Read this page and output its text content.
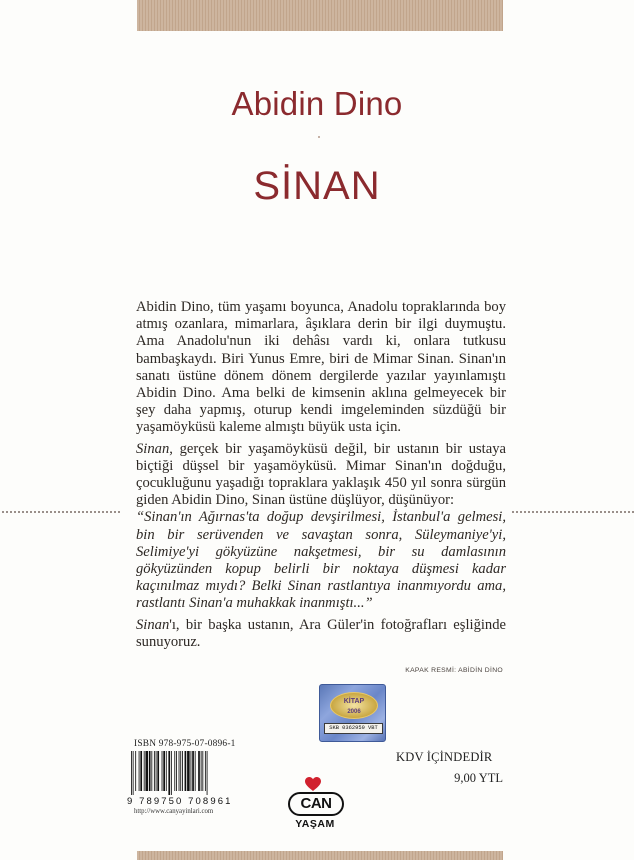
Abidin Dino
SİNAN

Abidin Dino, tüm yaşamı boyunca, Anadolu topraklarında boy atmış ozanlara, mimarlara, âşıklara derin bir ilgi duymuştu. Ama Anadolu'nun iki dehâsı vardı ki, onlara tutkusu bambaşkaydı. Biri Yunus Emre, biri de Mimar Sinan. Sinan'ın sanatı üstüne dönem dönem dergilerde yazılar yayınlamıştı Abidin Dino. Ama belki de kimsenin aklına gelmeyecek bir şey daha yapmış, oturup kendi imgeleminden süzdüğü bir yaşamöyküsü kaleme almıştı büyük usta için.

Sinan, gerçek bir yaşamöyküsü değil, bir ustanın bir ustaya biçtiği düşsel bir yaşamöyküsü. Mimar Sinan'ın doğduğu, çocukluğunu yaşadığı topraklara yaklaşık 450 yıl sonra sürgün giden Abidin Dino, Sinan üstüne düşlüyor, düşünüyor:
“Sinan'ın Ağırnas'ta doğup devşirilmesi, İstanbul'a gelmesi, bin bir serüvenden ve savaştan sonra, Süleymaniye'yi, Selimiye'yi gökyüzüne nakşetmesi, bir su damlasının gökyüzünden kopup belirli bir noktaya düşmesi kadar kaçınılmaz mıydı? Belki Sinan rastlantıya inanmıyordu ama, rastlantı Sinan'a muhakkak inanmıştı...”

Sinan'ı, bir başka ustanın, Ara Güler'in fotoğrafları eşliğinde sunuyoruz.

KAPAK RESMİ: ABİDİN DİNO
KİTAP
2006
SKB 0362959 VBT
ISBN 978-975-07-0896-1
9 789750 708961
http://www.canyayinlari.com	CAN
YAŞAM
KDV İÇİNDEDİR
9,00 YTL
